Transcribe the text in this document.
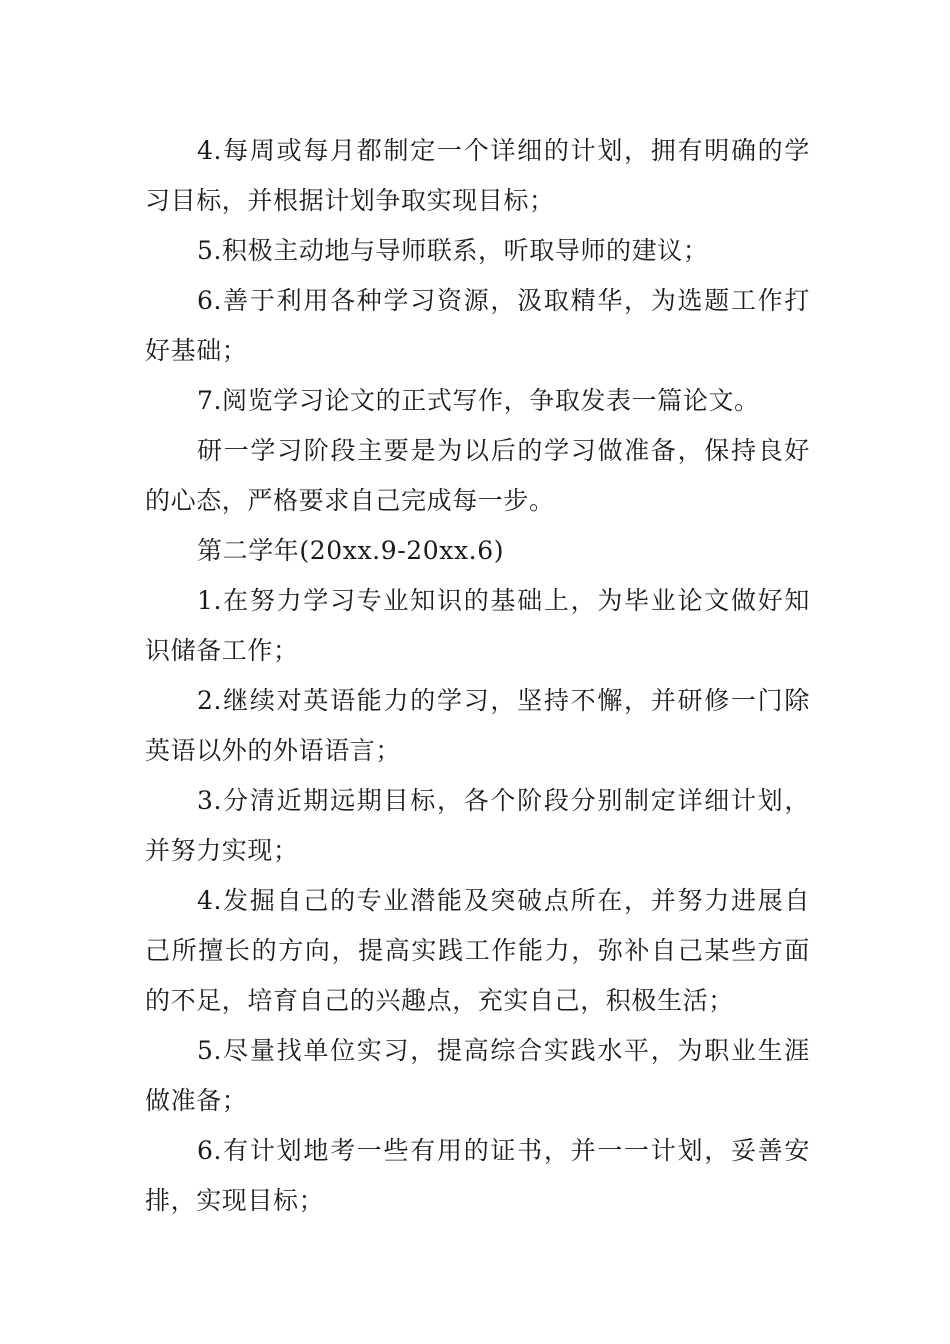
4.每周或每月都制定一个详细的计划，拥有明确的学习目标，并根据计划争取实现目标；

5.积极主动地与导师联系，听取导师的建议；

6.善于利用各种学习资源，汲取精华，为选题工作打好基础；

7.阅览学习论文的正式写作，争取发表一篇论文。

研一学习阶段主要是为以后的学习做准备，保持良好的心态，严格要求自己完成每一步。

第二学年(20xx.9-20xx.6)

1.在努力学习专业知识的基础上，为毕业论文做好知识储备工作；

2.继续对英语能力的学习，坚持不懈，并研修一门除英语以外的外语语言；

3.分清近期远期目标，各个阶段分别制定详细计划，并努力实现；

4.发掘自己的专业潜能及突破点所在，并努力进展自己所擅长的方向，提高实践工作能力，弥补自己某些方面的不足，培育自己的兴趣点，充实自己，积极生活；

5.尽量找单位实习，提高综合实践水平，为职业生涯做准备；

6.有计划地考一些有用的证书，并一一计划，妥善安排，实现目标；
